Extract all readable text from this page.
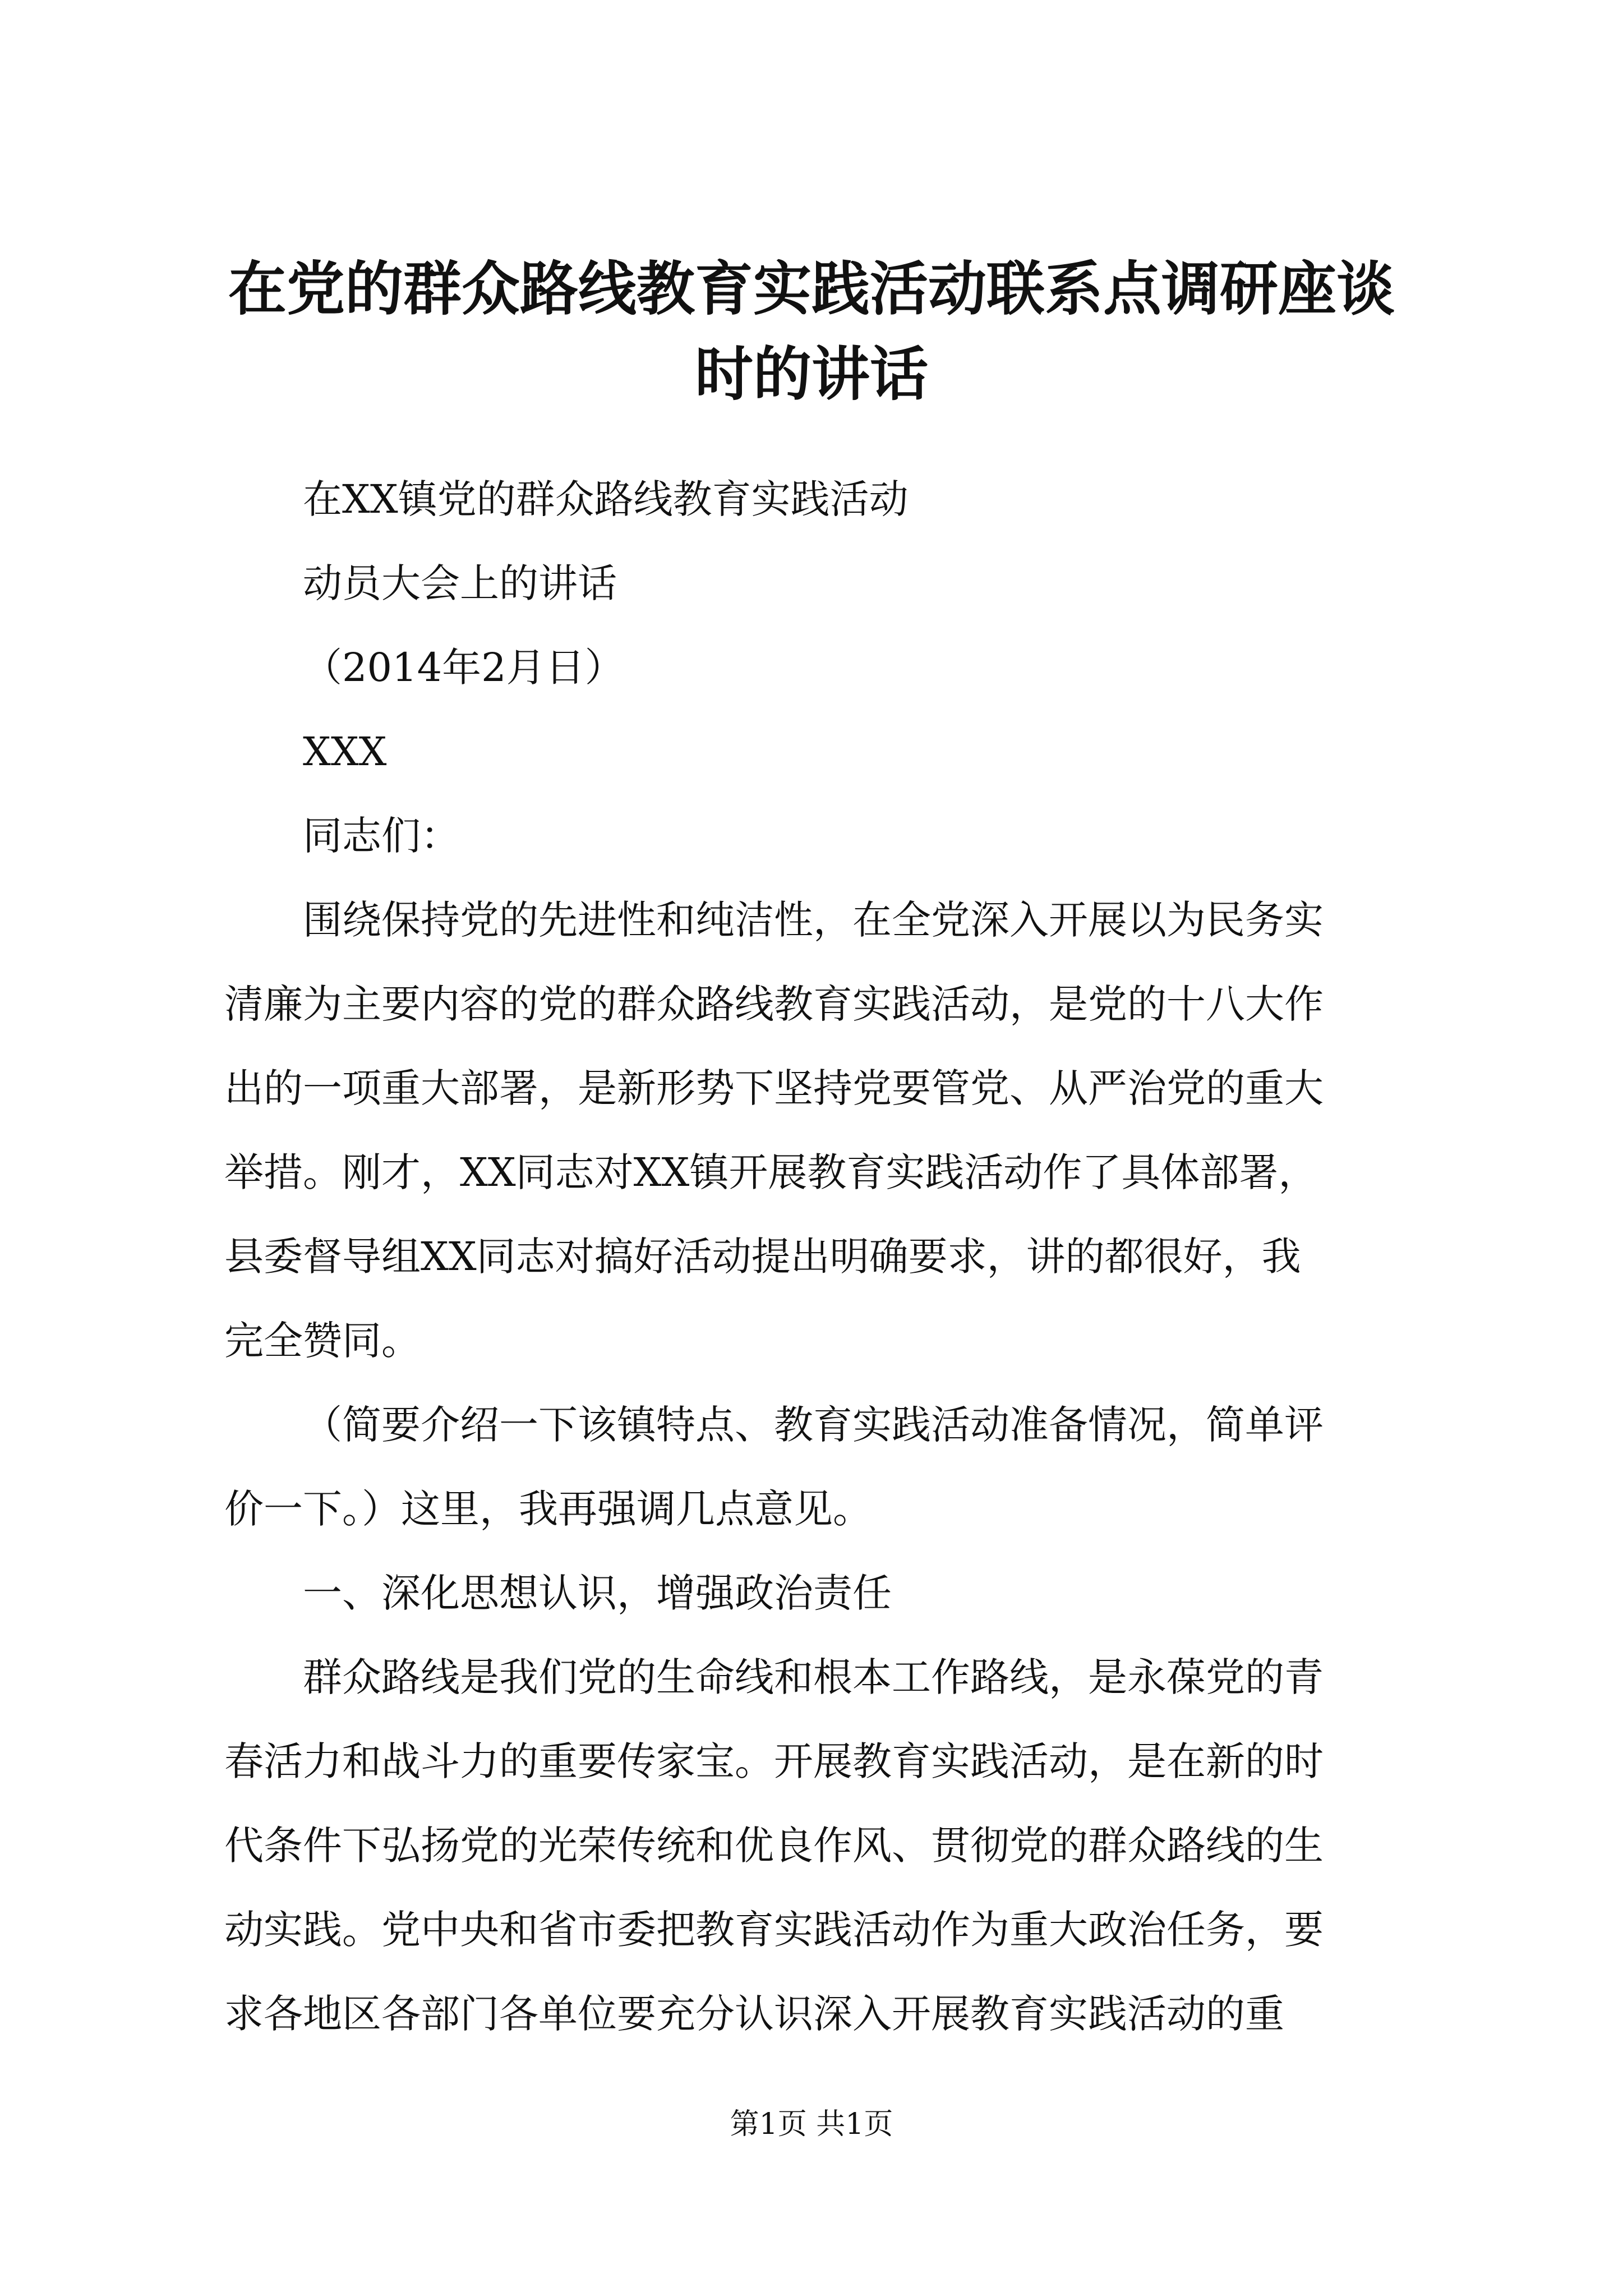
在党的群众路线教育实践活动联系点调研座谈
时的讲话

在XX镇党的群众路线教育实践活动

动员大会上的讲话

（2014年2月日）

XXX

同志们：

围绕保持党的先进性和纯洁性，在全党深入开展以为民务实

清廉为主要内容的党的群众路线教育实践活动，是党的十八大作

出的一项重大部署，是新形势下坚持党要管党、从严治党的重大

举措。刚才，XX同志对XX镇开展教育实践活动作了具体部署，

县委督导组XX同志对搞好活动提出明确要求，讲的都很好，我

完全赞同。

（简要介绍一下该镇特点、教育实践活动准备情况，简单评

价一下。）这里，我再强调几点意见。

一、深化思想认识，增强政治责任

群众路线是我们党的生命线和根本工作路线，是永葆党的青

春活力和战斗力的重要传家宝。开展教育实践活动，是在新的时

代条件下弘扬党的光荣传统和优良作风、贯彻党的群众路线的生

动实践。党中央和省市委把教育实践活动作为重大政治任务，要

求各地区各部门各单位要充分认识深入开展教育实践活动的重

第1页 共1页
